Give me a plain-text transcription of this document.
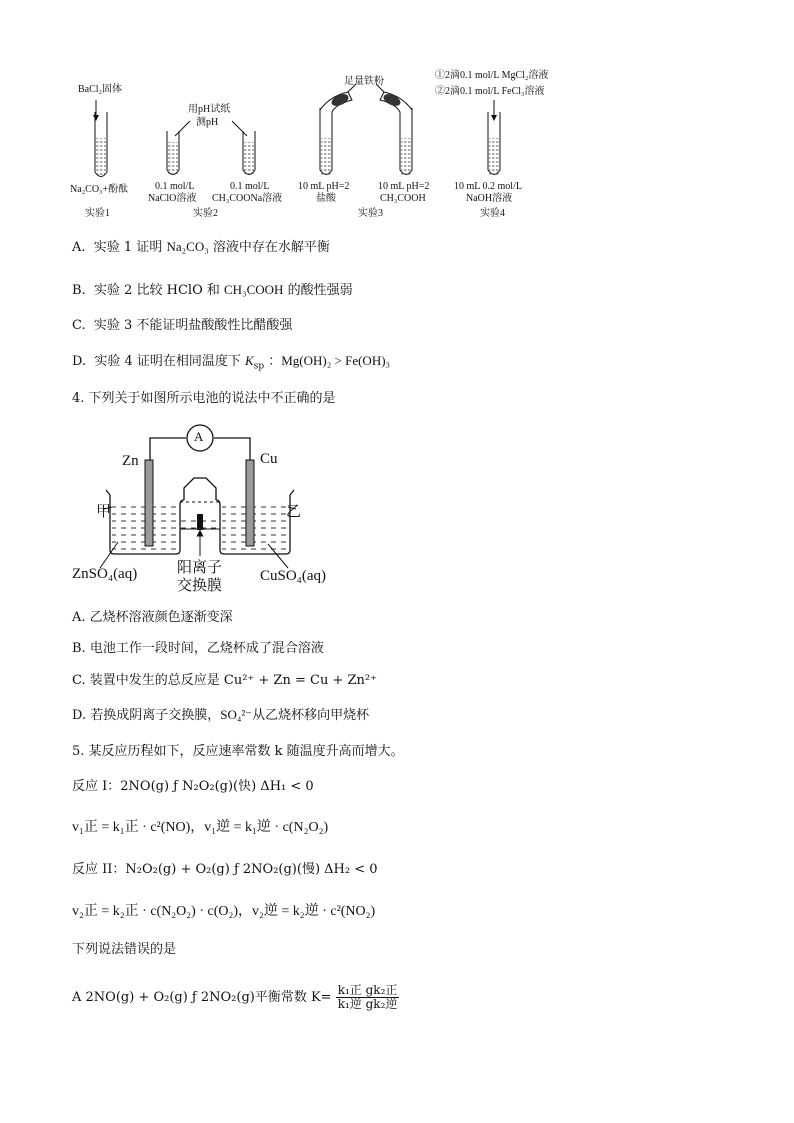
BaCl₂固体
Na₂CO₃+酚酞
实验1
用pH试纸
测pH
0.1 mol/L
NaClO溶液
0.1 mol/L
CH₃COONa溶液
实验2
足量铁粉
10 mL pH=2
盐酸
10 mL pH=2
CH₃COOH
实验3
①2滴0.1 mol/L MgCl₂溶液
②2滴0.1 mol/L FeCl₃溶液
10 mL 0.2 mol/L
NaOH溶液
实验4
A. 实验 1 证明 Na₂CO₃ 溶液中存在水解平衡
B. 实验 2 比较 HClO 和 CH₃COOH 的酸性强弱
C. 实验 3 不能证明盐酸酸性比醋酸强
D. 实验 4 证明在相同温度下 $K_{sp}$ ：Mg(OH)₂ > Fe(OH)₃
4. 下列关于如图所示电池的说法中不正确的是
A
Zn	Cu
甲	乙
阳离子
交换膜
ZnSO₄(aq)	CuSO₄(aq)
A. 乙烧杯溶液颜色逐渐变深
B. 电池工作一段时间，乙烧杯成了混合溶液
C. 装置中发生的总反应是 Cu²⁺ + Zn = Cu + Zn²⁺
D. 若换成阴离子交换膜，SO₄²⁻从乙烧杯移向甲烧杯
5. 某反应历程如下，反应速率常数 k 随温度升高而增大。
反应 I：2NO(g) ƒ N₂O₂(g)(快) ΔH₁ < 0
v₁正 = k₁正 · c²(NO)，v₁逆 = k₁逆 · c(N₂O₂)
反应 II：N₂O₂(g) + O₂(g) ƒ 2NO₂(g)(慢) ΔH₂ < 0
v₂正 = k₂正 · c(N₂O₂) · c(O₂)，v₂逆 = k₂逆 · c²(NO₂)
下列说法错误的是
A 2NO(g) + O₂(g) ƒ 2NO₂(g)平衡常数 K= k₁正 gk₂正
k₁逆 gk₂逆
